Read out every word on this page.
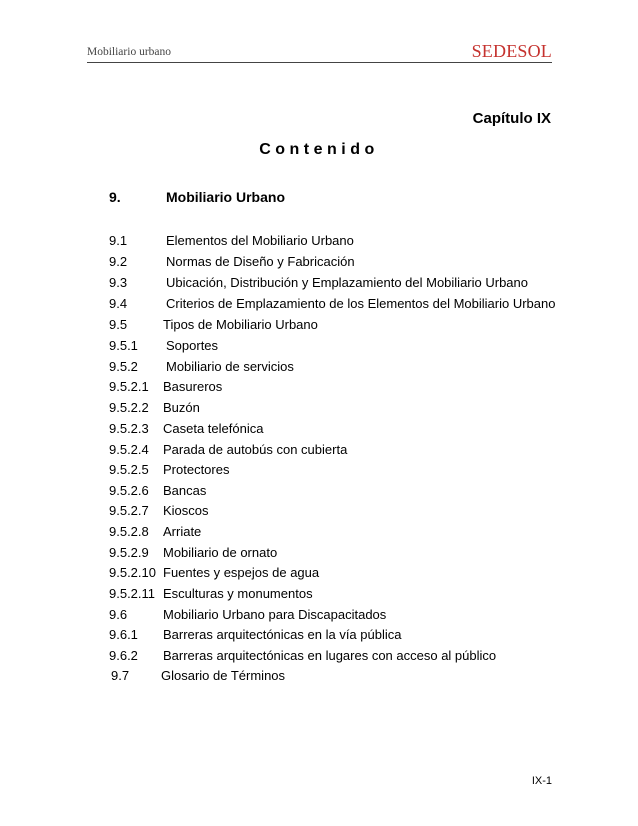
Mobiliario urbano	SEDESOL
Capítulo IX
Contenido
9.	Mobiliario Urbano
9.1	Elementos del Mobiliario Urbano
9.2	Normas de Diseño y Fabricación
9.3	Ubicación, Distribución y Emplazamiento del Mobiliario Urbano
9.4	Criterios de Emplazamiento de los Elementos del Mobiliario Urbano
9.5	Tipos de Mobiliario Urbano
9.5.1 Soportes
9.5.2 Mobiliario de servicios
9.5.2.1 Basureros
9.5.2.2 Buzón
9.5.2.3 Caseta telefónica
9.5.2.4 Parada de autobús con cubierta
9.5.2.5 Protectores
9.5.2.6 Bancas
9.5.2.7 Kioscos
9.5.2.8 Arriate
9.5.2.9 Mobiliario de ornato
9.5.2.10 Fuentes y espejos de agua
9.5.2.11 Esculturas y monumentos
9.6	Mobiliario Urbano para Discapacitados
9.6.1 Barreras arquitectónicas en la vía pública
9.6.2 Barreras arquitectónicas en lugares con acceso al público
9.7 Glosario de Términos
IX-1
